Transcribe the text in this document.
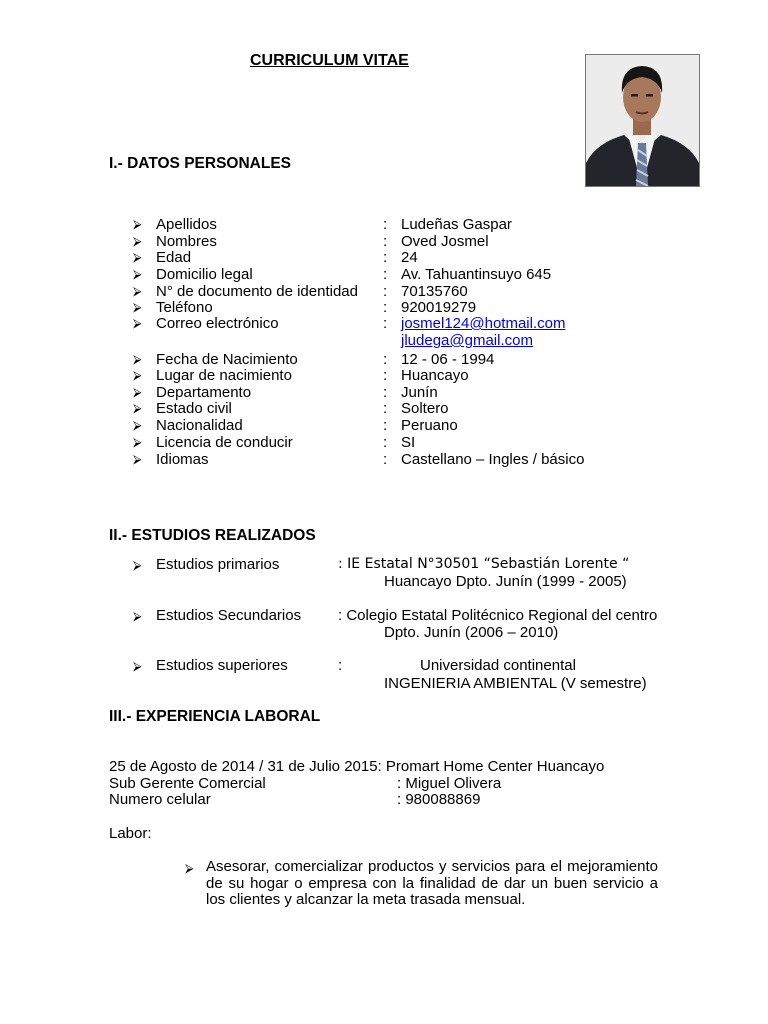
CURRICULUM VITAE
I.- DATOS PERSONALES
⮚ Apellidos	: Ludeñas Gaspar
⮚ Nombres	: Oved Josmel
⮚ Edad	: 24
⮚ Domicilio legal	: Av. Tahuantinsuyo 645
⮚ N° de documento de identidad : 70135760
⮚ Teléfono	: 920019279
⮚ Correo electrónico	: josmel124@hotmail.com
jludega@gmail.com
⮚ Fecha de Nacimiento	: 12 - 06 - 1994
⮚ Lugar de nacimiento	: Huancayo
⮚ Departamento	: Junín
⮚ Estado civil	: Soltero
⮚ Nacionalidad	: Peruano
⮚ Licencia de conducir	: SI
⮚ Idiomas	: Castellano – Ingles / básico
II.- ESTUDIOS REALIZADOS
⮚ Estudios primarios	: IE Estatal N°30501 “Sebastián Lorente “
Huancayo Dpto. Junín (1999 - 2005)
⮚ Estudios Secundarios : Colegio Estatal Politécnico Regional del centro
Dpto. Junín (2006 – 2010)
⮚ Estudios superiores	:	Universidad continental
INGENIERIA AMBIENTAL (V semestre)
III.- EXPERIENCIA LABORAL
25 de Agosto de 2014 / 31 de Julio 2015: Promart Home Center Huancayo
Sub Gerente Comercial	: Miguel Olivera
Numero celular	: 980088869
Labor:
⮚ Asesorar, comercializar productos y servicios para el mejoramiento de su hogar o empresa con la finalidad de dar un buen servicio a los clientes y alcanzar la meta trasada mensual.
